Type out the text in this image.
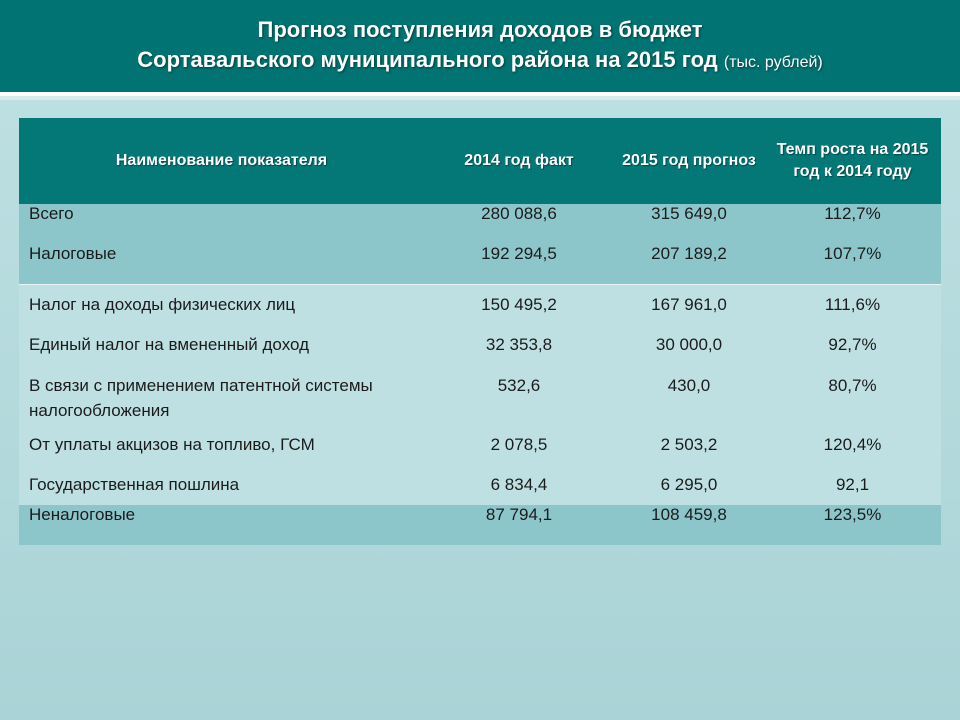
Прогноз поступления доходов в бюджет
Сортавальского муниципального района на 2015 год (тыс. рублей)
Наименование показателя	2014 год факт	2015 год прогноз	Темп роста на 2015 год к 2014 году
Всего	280 088,6	315 649,0	112,7%
Налоговые	192 294,5	207 189,2	107,7%
Налог на доходы физических лиц	150 495,2	167 961,0	111,6%
Единый налог на вмененный доход	32 353,8	30 000,0	92,7%
В связи с применением патентной системы налогообложения	532,6	430,0	80,7%
От уплаты акцизов на топливо, ГСМ	2 078,5	2 503,2	120,4%
Государственная пошлина	6 834,4	6 295,0	92,1
Неналоговые	87 794,1	108 459,8	123,5%
